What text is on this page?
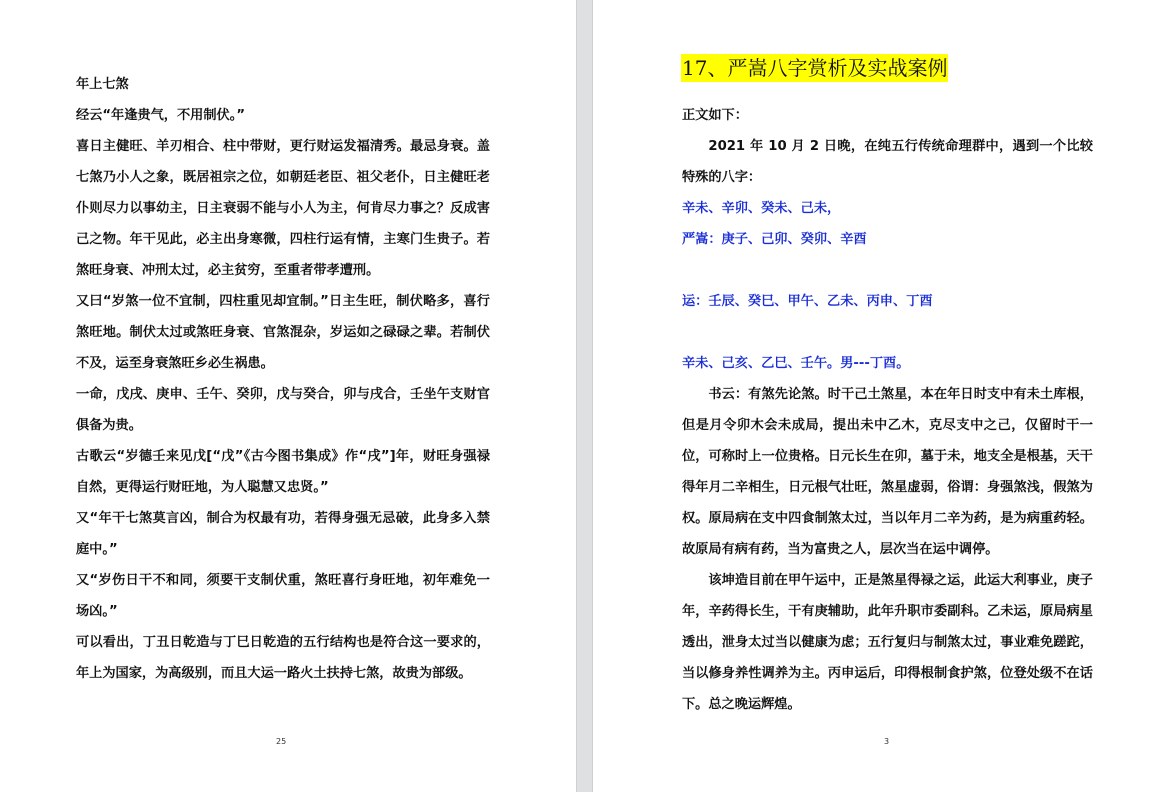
年上七煞

经云“年逢贵气，不用制伏。”

喜日主健旺、羊刃相合、柱中带财，更行财运发福清秀。最忌身衰。盖七煞乃小人之象，既居祖宗之位，如朝廷老臣、祖父老仆，日主健旺老仆则尽力以事幼主，日主衰弱不能与小人为主，何肯尽力事之？反成害己之物。年干见此，必主出身寒微，四柱行运有情，主寒门生贵子。若煞旺身衰、冲刑太过，必主贫穷，至重者带孝遭刑。

又曰“岁煞一位不宜制，四柱重见却宜制。”日主生旺，制伏略多，喜行煞旺地。制伏太过或煞旺身衰、官煞混杂，岁运如之碌碌之辈。若制伏不及，运至身衰煞旺乡必生祸患。

一命，戊戌、庚申、壬午、癸卯，戊与癸合，卯与戌合，壬坐午支财官俱备为贵。

古歌云“岁德壬来见戊[“戊”《古今图书集成》作“戌”]年，财旺身强禄自然，更得运行财旺地，为人聪慧又忠贤。”

又“年干七煞莫言凶，制合为权最有功，若得身强无忌破，此身多入禁庭中。”

又“岁伤日干不和同，须要干支制伏重，煞旺喜行身旺地，初年难免一场凶。”

可以看出，丁丑日乾造与丁巳日乾造的五行结构也是符合这一要求的，年上为国家，为高级别，而且大运一路火土扶持七煞，故贵为部级。

25
17、严嵩八字赏析及实战案例

正文如下：

2021 年 10 月 2 日晚，在纯五行传统命理群中，遇到一个比较特殊的八字：

辛未、辛卯、癸未、己未，

严嵩：庚子、己卯、癸卯、辛酉

运：壬辰、癸巳、甲午、乙未、丙申、丁酉

辛未、己亥、乙巳、壬午。男---丁酉。

书云：有煞先论煞。时干己土煞星，本在年日时支中有未土库根，但是月令卯木会未成局，提出未中乙木，克尽支中之己，仅留时干一位，可称时上一位贵格。日元长生在卯，墓于未，地支全是根基，天干得年月二辛相生，日元根气壮旺，煞星虚弱，俗谓：身强煞浅，假煞为权。原局病在支中四食制煞太过，当以年月二辛为药，是为病重药轻。故原局有病有药，当为富贵之人，层次当在运中调停。

该坤造目前在甲午运中，正是煞星得禄之运，此运大利事业，庚子年，辛药得长生，干有庚辅助，此年升职市委副科。乙未运，原局病星透出，泄身太过当以健康为虑；五行复归与制煞太过，事业难免蹉跎，当以修身养性调养为主。丙申运后，印得根制食护煞，位登处级不在话下。总之晚运辉煌。

3
